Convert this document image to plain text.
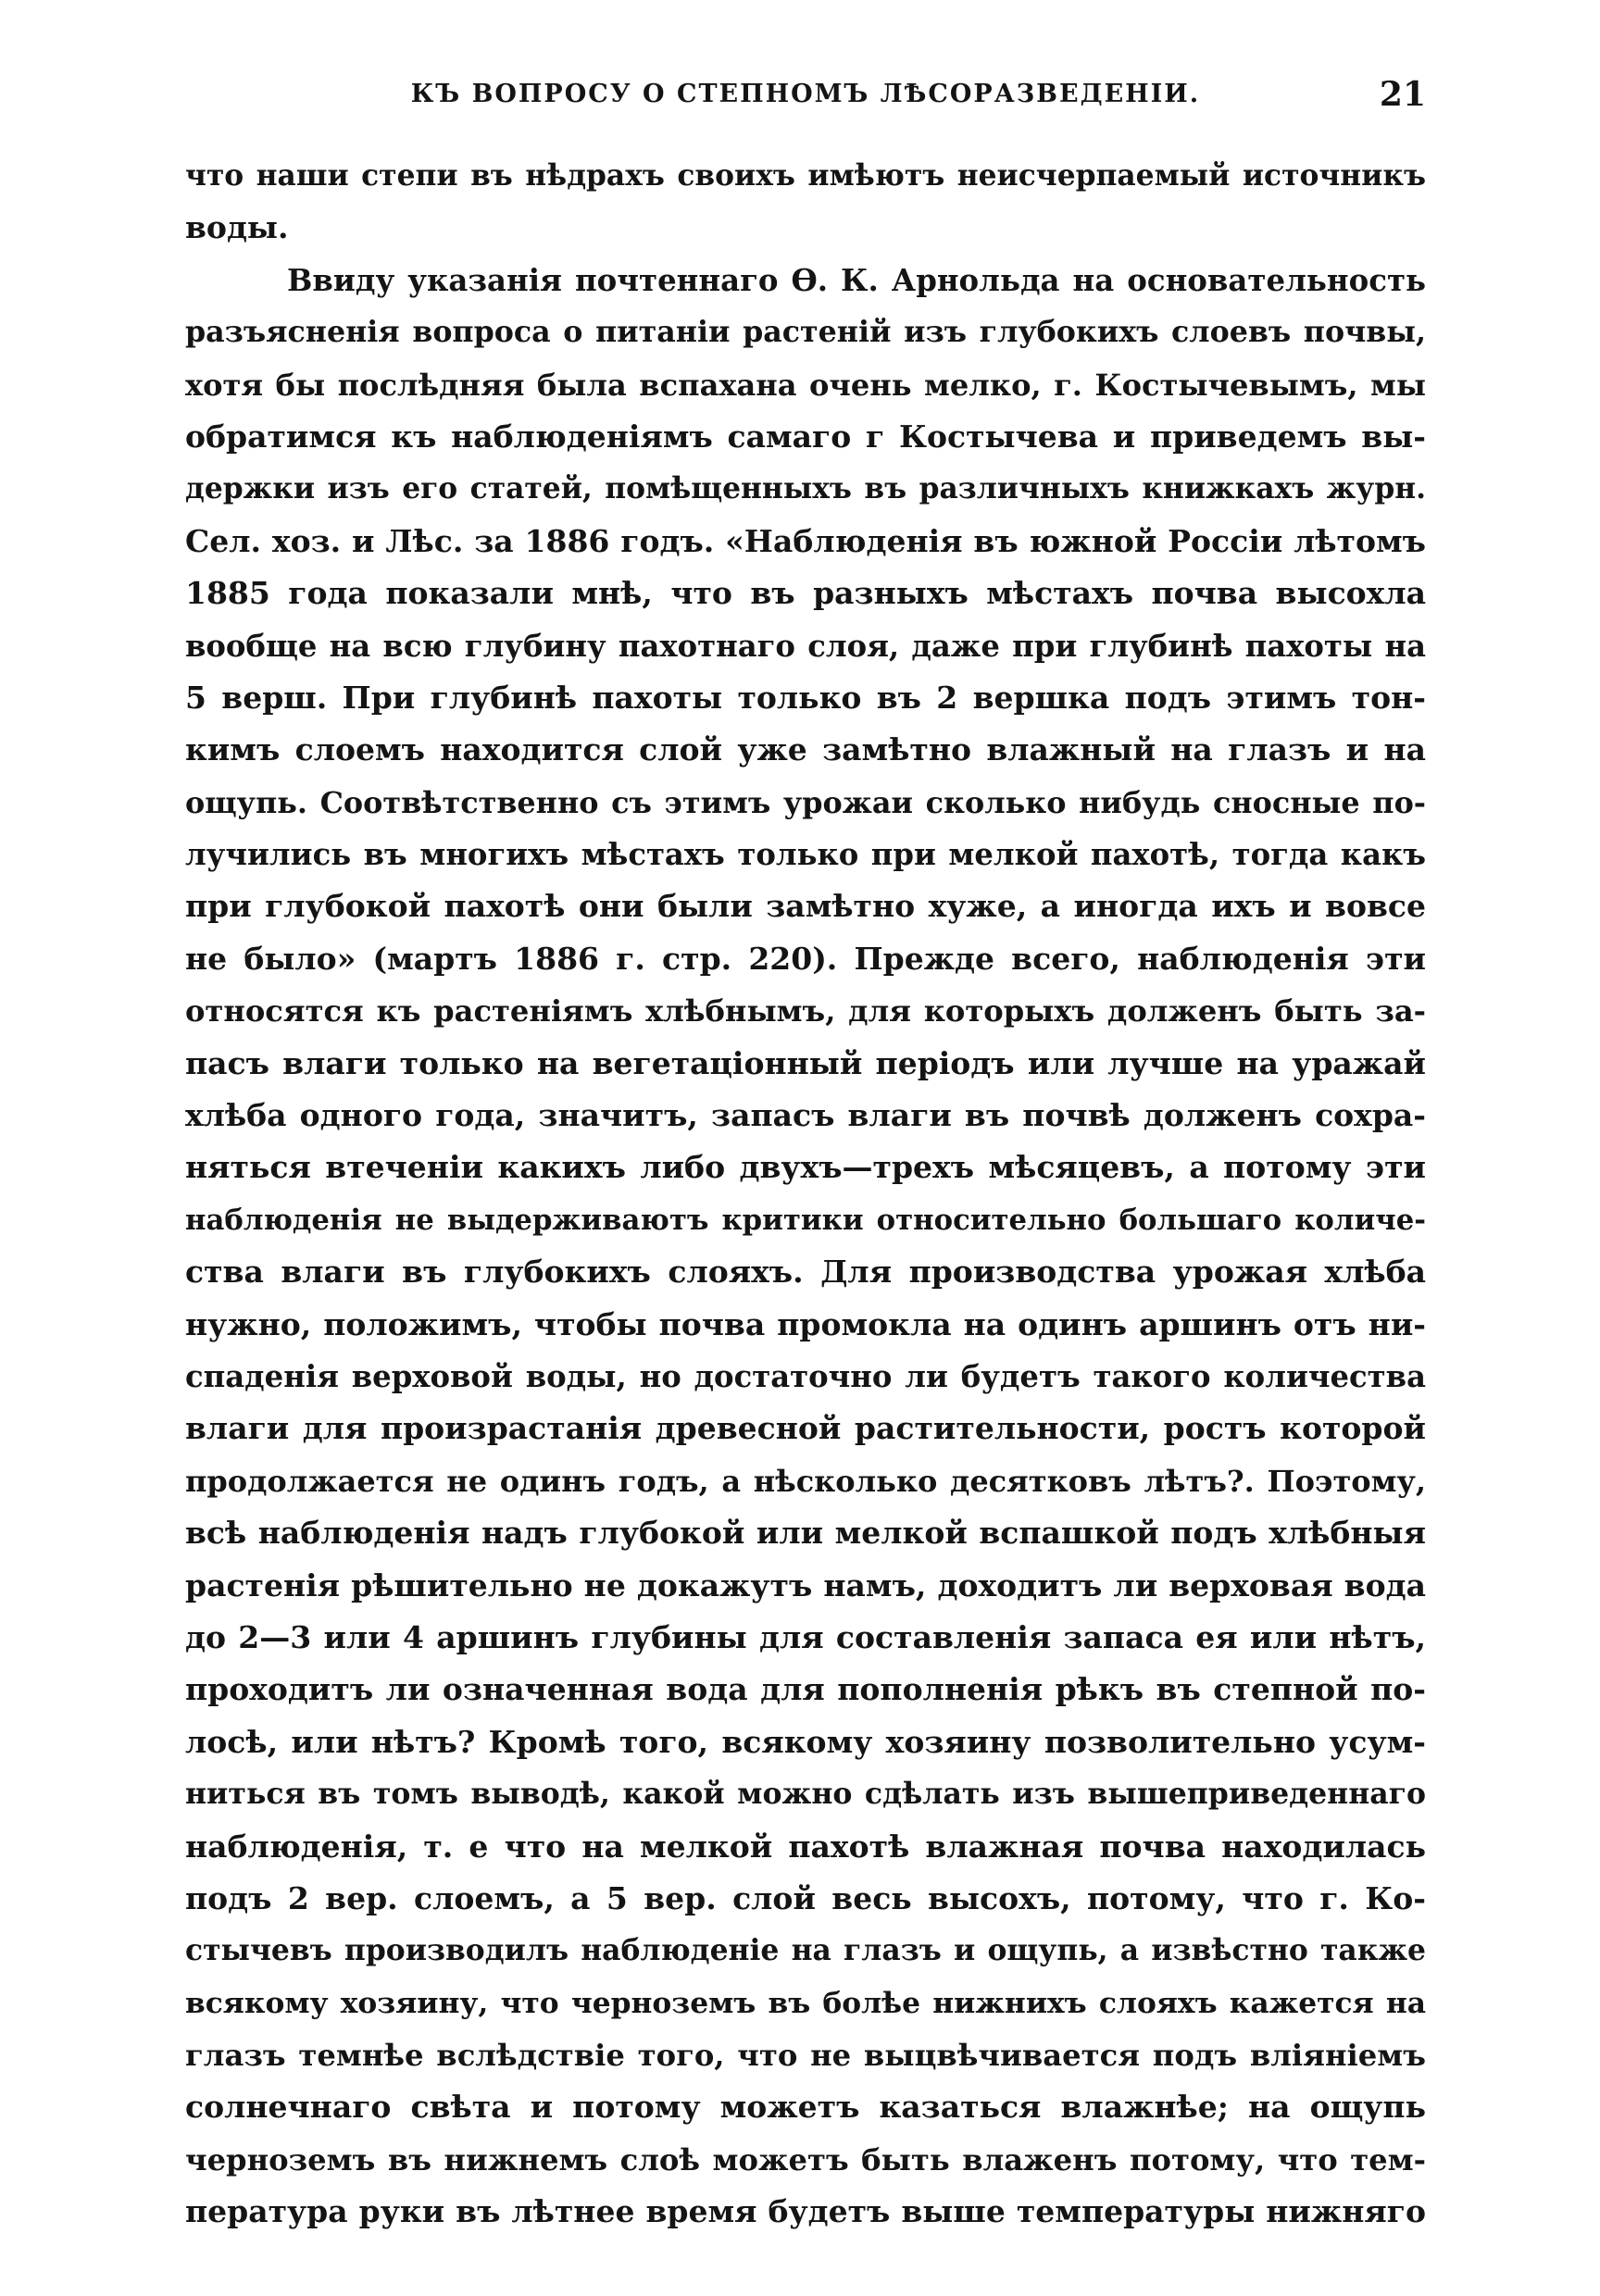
КЪ ВОПРОСУ О СТЕПНОМЪ ЛѢСОРАЗВЕДЕНІИ.	21
что наши степи въ нѣдрахъ своихъ имѣютъ неисчерпаемый источникъ
воды.
Ввиду указанія почтеннаго Ѳ. К. Арнольда на основательность
разъясненія вопроса о питаніи растеній изъ глубокихъ слоевъ почвы,
хотя бы послѣдняя была вспахана очень мелко, г. Костычевымъ, мы
обратимся къ наблюденіямъ самаго г Костычева и приведемъ вы-
держки изъ его статей, помѣщенныхъ въ различныхъ книжкахъ журн.
Сел. хоз. и Лѣс. за 1886 годъ. «Наблюденія въ южной Россіи лѣтомъ
1885 года показали мнѣ, что въ разныхъ мѣстахъ почва высохла
вообще на всю глубину пахотнаго слоя, даже при глубинѣ пахоты на
5 верш. При глубинѣ пахоты только въ 2 вершка подъ этимъ тон-
кимъ слоемъ находится слой уже замѣтно влажный на глазъ и на
ощупь. Соотвѣтственно съ этимъ урожаи сколько нибудь сносные по-
лучились въ многихъ мѣстахъ только при мелкой пахотѣ, тогда какъ
при глубокой пахотѣ они были замѣтно хуже, а иногда ихъ и вовсе
не было» (мартъ 1886 г. стр. 220). Прежде всего, наблюденія эти
относятся къ растеніямъ хлѣбнымъ, для которыхъ долженъ быть за-
пасъ влаги только на вегетаціонный періодъ или лучше на уражай
хлѣба одного года, значитъ, запасъ влаги въ почвѣ долженъ сохра-
няться втеченіи какихъ либо двухъ—трехъ мѣсяцевъ, а потому эти
наблюденія не выдерживаютъ критики относительно большаго количе-
ства влаги въ глубокихъ слояхъ. Для производства урожая хлѣба
нужно, положимъ, чтобы почва промокла на одинъ аршинъ отъ ни-
спаденія верховой воды, но достаточно ли будетъ такого количества
влаги для произрастанія древесной растительности, ростъ которой
продолжается не одинъ годъ, а нѣсколько десятковъ лѣтъ?. Поэтому,
всѣ наблюденія надъ глубокой или мелкой вспашкой подъ хлѣбныя
растенія рѣшительно не докажутъ намъ, доходитъ ли верховая вода
до 2—3 или 4 аршинъ глубины для составленія запаса ея или нѣтъ,
проходитъ ли означенная вода для пополненія рѣкъ въ степной по-
лосѣ, или нѣтъ? Кромѣ того, всякому хозяину позволительно усум-
ниться въ томъ выводѣ, какой можно сдѣлать изъ вышеприведеннаго
наблюденія, т. е что на мелкой пахотѣ влажная почва находилась
подъ 2 вер. слоемъ, а 5 вер. слой весь высохъ, потому, что г. Ко-
стычевъ производилъ наблюденіе на глазъ и ощупь, а извѣстно также
всякому хозяину, что черноземъ въ болѣе нижнихъ слояхъ кажется на
глазъ темнѣе вслѣдствіе того, что не выцвѣчивается подъ вліяніемъ
солнечнаго свѣта и потому можетъ казаться влажнѣе; на ощупь
черноземъ въ нижнемъ слоѣ можетъ быть влаженъ потому, что тем-
пература руки въ лѣтнее время будетъ выше температуры нижняго
